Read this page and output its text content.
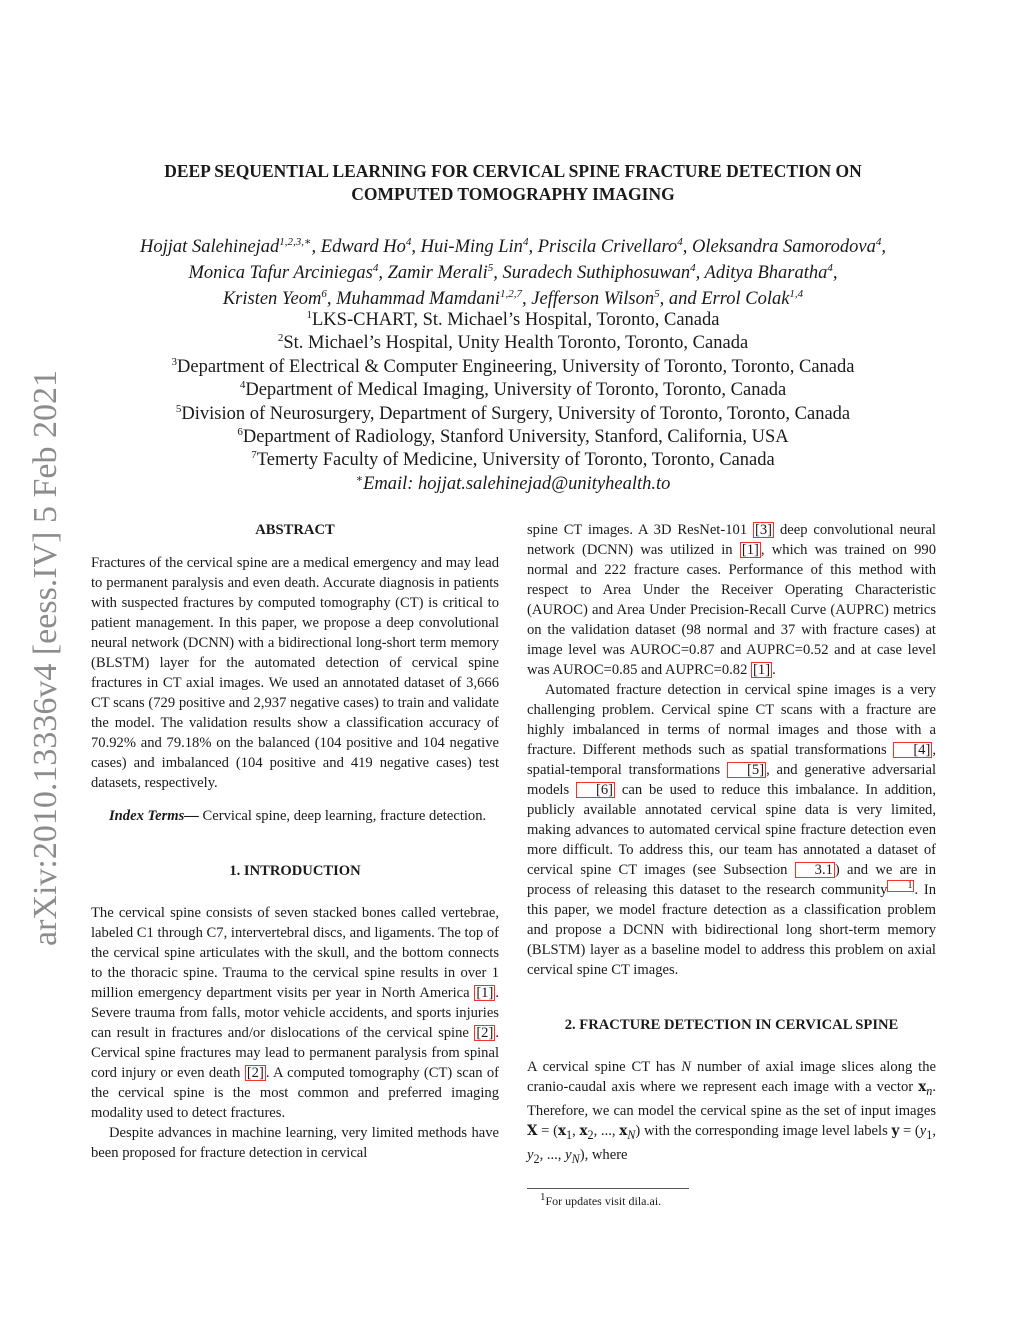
arXiv:2010.13336v4 [eess.IV] 5 Feb 2021
DEEP SEQUENTIAL LEARNING FOR CERVICAL SPINE FRACTURE DETECTION ON
COMPUTED TOMOGRAPHY IMAGING
Hojjat Salehinejad$^{1,2,3,∗}$, Edward Ho$^4$, Hui-Ming Lin$^4$, Priscila Crivellaro$^4$, Oleksandra Samorodova$^4$,
Monica Tafur Arciniegas$^4$, Zamir Merali$^5$, Suradech Suthiphosuwan$^4$, Aditya Bharatha$^4$,
Kristen Yeom$^6$, Muhammad Mamdani$^{1,2,7}$, Jefferson Wilson$^5$, and Errol Colak$^{1,4}$
$^1$LKS-CHART, St. Michael’s Hospital, Toronto, Canada
$^2$St. Michael’s Hospital, Unity Health Toronto, Toronto, Canada
$^3$Department of Electrical & Computer Engineering, University of Toronto, Toronto, Canada
$^4$Department of Medical Imaging, University of Toronto, Toronto, Canada
$^5$Division of Neurosurgery, Department of Surgery, University of Toronto, Toronto, Canada
$^6$Department of Radiology, Stanford University, Stanford, California, USA
$^7$Temerty Faculty of Medicine, University of Toronto, Toronto, Canada
∗Email: hojjat.salehinejad@unityhealth.to

ABSTRACT

Fractures of the cervical spine are a medical emergency and may lead to permanent paralysis and even death. Accurate diagnosis in patients with suspected fractures by computed tomography (CT) is critical to patient management. In this paper, we propose a deep convolutional neural network (DCNN) with a bidirectional long-short term memory (BLSTM) layer for the automated detection of cervical spine fractures in CT axial images. We used an annotated dataset of 3,666 CT scans (729 positive and 2,937 negative cases) to train and validate the model. The validation results show a classification accuracy of 70.92% and 79.18% on the balanced (104 positive and 104 negative cases) and imbalanced (104 positive and 419 negative cases) test datasets, respectively.

Index Terms— Cervical spine, deep learning, fracture detection.

1. INTRODUCTION

The cervical spine consists of seven stacked bones called vertebrae, labeled C1 through C7, intervertebral discs, and ligaments. The top of the cervical spine articulates with the skull, and the bottom connects to the thoracic spine. Trauma to the cervical spine results in over 1 million emergency department visits per year in North America [1] . Severe trauma from falls, motor vehicle accidents, and sports injuries can result in fractures and/or dislocations of the cervical spine [2] . Cervical spine fractures may lead to permanent paralysis from spinal cord injury or even death [2] . A computed tomography (CT) scan of the cervical spine is the most common and preferred imaging modality used to detect fractures.

Despite advances in machine learning, very limited methods have been proposed for fracture detection in cervical

spine CT images. A 3D ResNet-101 [3] deep convolutional neural network (DCNN) was utilized in [1] , which was trained on 990 normal and 222 fracture cases. Performance of this method with respect to Area Under the Receiver Operating Characteristic (AUROC) and Area Under Precision-Recall Curve (AUPRC) metrics on the validation dataset (98 normal and 37 with fracture cases) at image level was AUROC=0.87 and AUPRC=0.52 and at case level was AUROC=0.85 and AUPRC=0.82 [1] .

Automated fracture detection in cervical spine images is a very challenging problem. Cervical spine CT scans with a fracture are highly imbalanced in terms of normal images and those with a fracture. Different methods such as spatial transformations [4] , spatial-temporal transformations [5] , and generative adversarial models [6] can be used to reduce this imbalance. In addition, publicly available annotated cervical spine data is very limited, making advances to automated cervical spine fracture detection even more difficult. To address this, our team has annotated a dataset of cervical spine CT images (see Subsection 3.1 ) and we are in process of releasing this dataset to the research community 1 . In this paper, we model fracture detection as a classification problem and propose a DCNN with bidirectional long short-term memory (BLSTM) layer as a baseline model to address this problem on axial cervical spine CT images.

2. FRACTURE DETECTION IN CERVICAL SPINE

A cervical spine CT has N number of axial image slices along the cranio-caudal axis where we represent each image with a vector $x_n$. Therefore, we can model the cervical spine as the set of input images $X = (x_1$, $x_2$, ..., $x_N$) with the corresponding image level labels $y = (y_1$, $y_2$, ..., $y_N$), where

$^1$For updates visit dila.ai.
